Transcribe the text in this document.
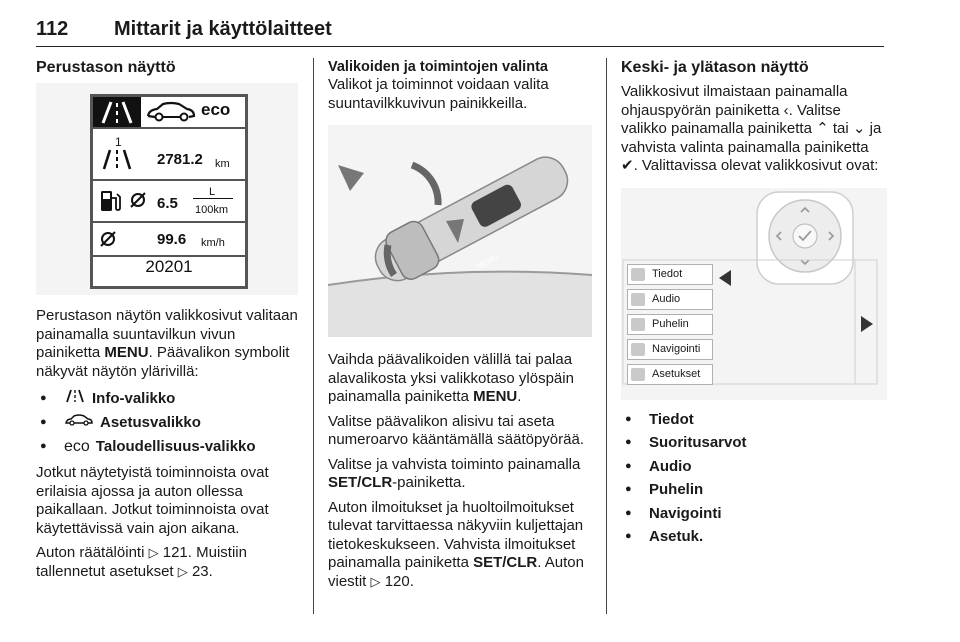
112 Mittarit ja käyttölaitteet
Perustason näyttö
eco
1
2781.2 km
6.5
L
100km
99.6 km/h
20201

Perustason näytön valikkosivut valitaan painamalla suuntavilkun vivun painiketta MENU. Päävalikon symbolit näkyvät näytön ylärivillä:

● Info-valikko
● Asetusvalikko
● eco Taloudellisuus-valikko

Jotkut näytetyistä toiminnoista ovat erilaisia ajossa ja auton ollessa paikallaan. Jotkut toiminnoista ovat käytettävissä vain ajon aikana.

Auton räätälöinti ▷ 121. Muistiin tallennetut asetukset ▷ 23.

Valikoiden ja toimintojen valinta

Valikot ja toiminnot voidaan valita suuntavilkkuvivun painikkeilla.

MENU

Vaihda päävalikoiden välillä tai palaa alavalikosta yksi valikkotaso ylöspäin painamalla painiketta MENU.

Valitse päävalikon alisivu tai aseta numeroarvo kääntämällä säätöpyörää.

Valitse ja vahvista toiminto painamalla SET/CLR-painiketta.

Auton ilmoitukset ja huoltoilmoitukset tulevat tarvittaessa näkyviin kuljettajan tietokeskukseen. Vahvista ilmoitukset painamalla painiketta SET/CLR. Auton viestit ▷ 120.

Keski- ja ylätason näyttö

Valikkosivut ilmaistaan painamalla ohjauspyörän painiketta ‹. Valitse valikko painamalla painiketta ⌃ tai ⌄ ja vahvista valinta painamalla painiketta ✔. Valittavissa olevat valikkosivut ovat:

Tiedot
Audio
Puhelin
Navigointi
Asetukset
● Tiedot
● Suoritusarvot
● Audio
● Puhelin
● Navigointi
● Asetuk.
